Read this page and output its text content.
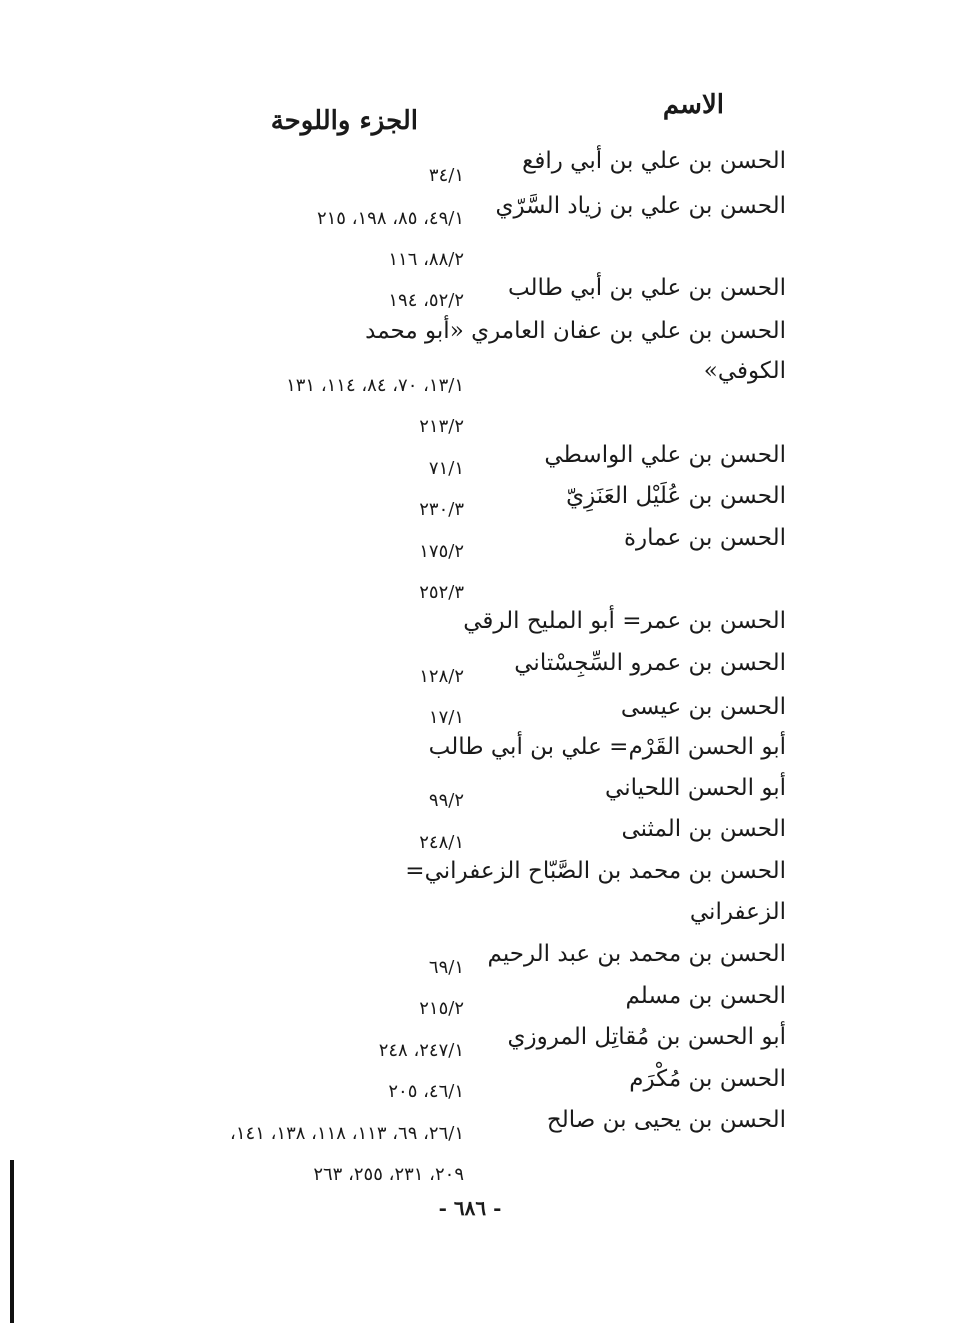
الاسم
الجزء واللوحة
الحسن بن علي بن أبي رافع
الحسن بن علي بن زياد السَّرّي
الحسن بن علي بن أبي طالب
الحسن بن علي بن عفان العامري «أبو محمد
الكوفي»
الحسن بن علي الواسطي
الحسن بن عُلَيْل العَنَزِيّ
الحسن بن عمارة
الحسن بن عمر= أبو المليح الرقي
الحسن بن عمرو السِّجِسْتاني
الحسن بن عيسى
أبو الحسن القَرْم= علي بن أبي طالب
أبو الحسن اللحياني
الحسن بن المثنى
الحسن بن محمد بن الصَّبّاح الزعفراني=
الزعفراني
الحسن بن محمد بن عبد الرحيم
الحسن بن مسلم
أبو الحسن بن مُقاتِل المروزي
الحسن بن مُكْرَم
الحسن بن يحيى بن صالح
٣٤/١
٤٩/١، ٨٥، ١٩٨، ٢١٥
٨٨/٢، ١١٦
٥٢/٢، ١٩٤
١٣/١، ٧٠، ٨٤، ١١٤، ١٣١
٢١٣/٢
٧١/١
٢٣٠/٣
١٧٥/٢
٢٥٢/٣
١٢٨/٢
١٧/١
٩٩/٢
٢٤٨/١
٦٩/١
٢١٥/٢
٢٤٧/١، ٢٤٨
٤٦/١، ٢٠٥
٢٦/١، ٦٩، ١١٣، ١١٨، ١٣٨، ١٤١،
٢٠٩، ٢٣١، ٢٥٥، ٢٦٣
- ٦٨٦ -
